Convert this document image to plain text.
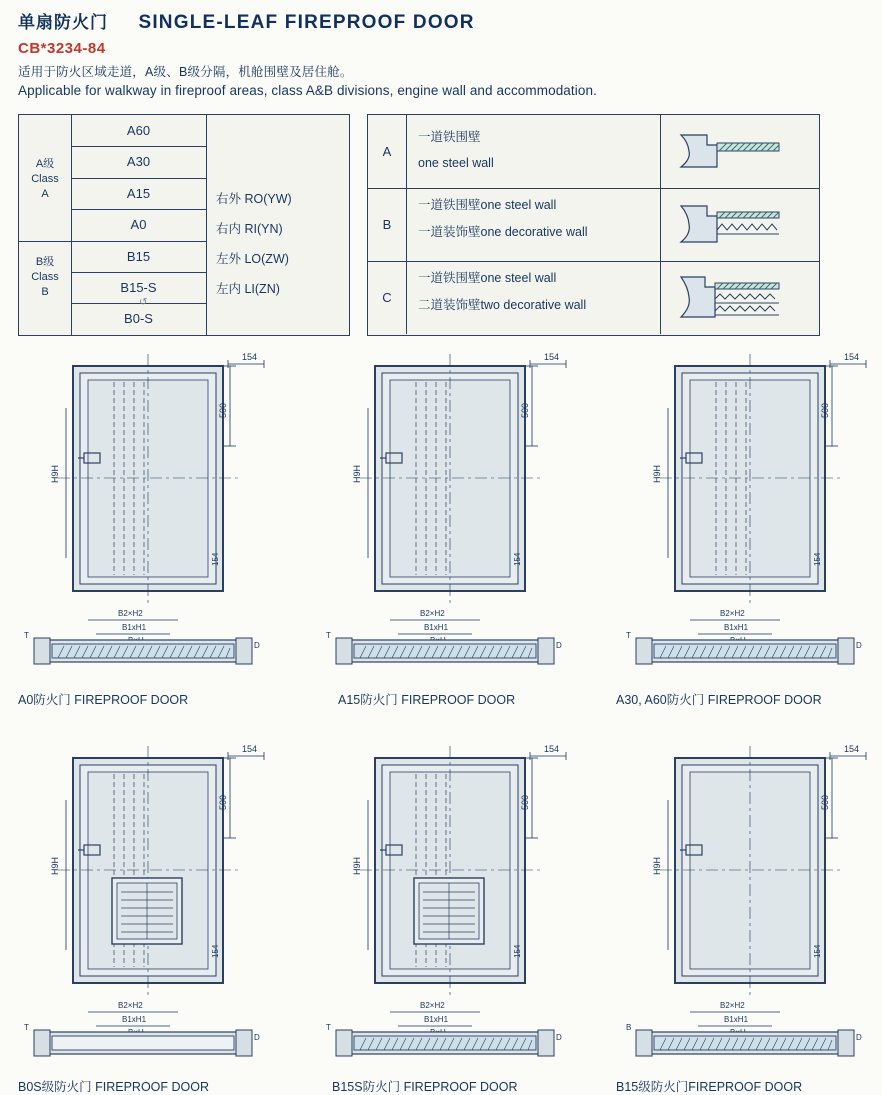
单扇防火门 SINGLE-LEAF FIREPROOF DOOR
CB*3234-84
适用于防火区域走道，A级、B级分隔，机舱围壁及居住舱。
Applicable for walkway in fireproof areas, class A&B divisions, engine wall and accommodation.
A级
Class
A
B级
Class
B
A60
A30
A15
A0
B15
B15-S
B0-S
右外 RO(YW)
右内 RI(YN)
左外 LO(ZW)
左内 LI(ZN)
↺
A
一道铁围壁
one steel wall
B
一道铁围壁one steel wall
一道装饰壁one decorative wall
C
一道铁围壁one steel wall
二道装饰壁two decorative wall
154
500
154
H9H
B2×H2
B1xH1
T
D
A0防火门 FIREPROOF DOOR
154
500
154
H9H
B2×H2
B1xH1
T
D
A15防火门 FIREPROOF DOOR
154
500
154
H9H
B2×H2
B1xH1
T
D
A30, A60防火门 FIREPROOF DOOR
154
500
154
H9H
B2×H2
B1xH1
T
D
B0S级防火门 FIREPROOF DOOR
154
500
154
H9H
B2×H2
B1xH1
T
D
B15S防火门 FIREPROOF DOOR
154
500
154
H9H
B2×H2
B1xH1
B
D
B15级防火门FIREPROOF DOOR
